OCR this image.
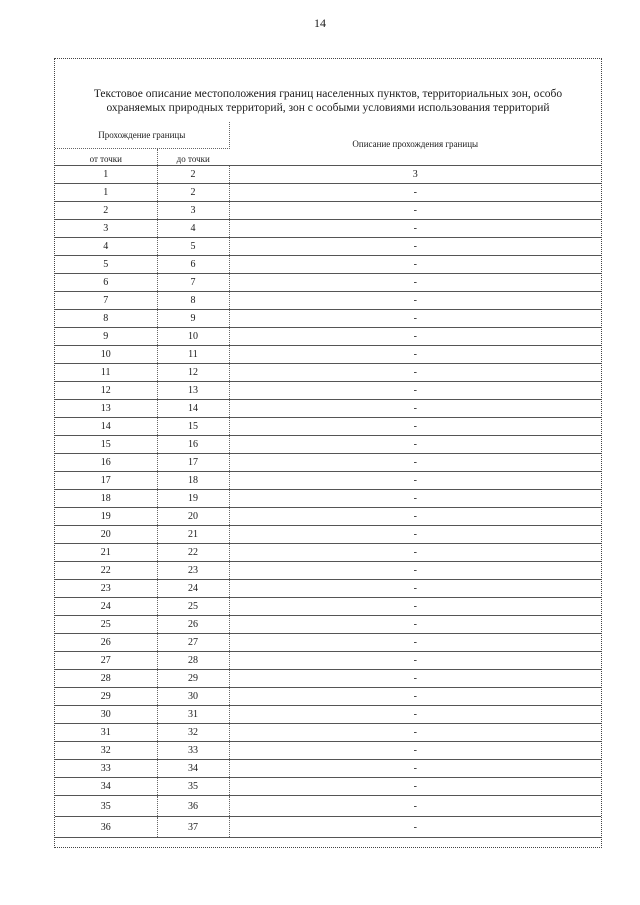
14
Текстовое описание местоположения границ населенных пунктов, территориальных зон, особо
охраняемых природных территорий, зон с особыми условиями использования территорий
Прохождение границы		Описание прохождения границы
от точки	до точки	
1	2	3
1	2	-
2	3	-
3	4	-
4	5	-
5	6	-
6	7	-
7	8	-
8	9	-
9	10	-
10	11	-
11	12	-
12	13	-
13	14	-
14	15	-
15	16	-
16	17	-
17	18	-
18	19	-
19	20	-
20	21	-
21	22	-
22	23	-
23	24	-
24	25	-
25	26	-
26	27	-
27	28	-
28	29	-
29	30	-
30	31	-
31	32	-
32	33	-
33	34	-
34	35	-
35	36	-
36	37	-
